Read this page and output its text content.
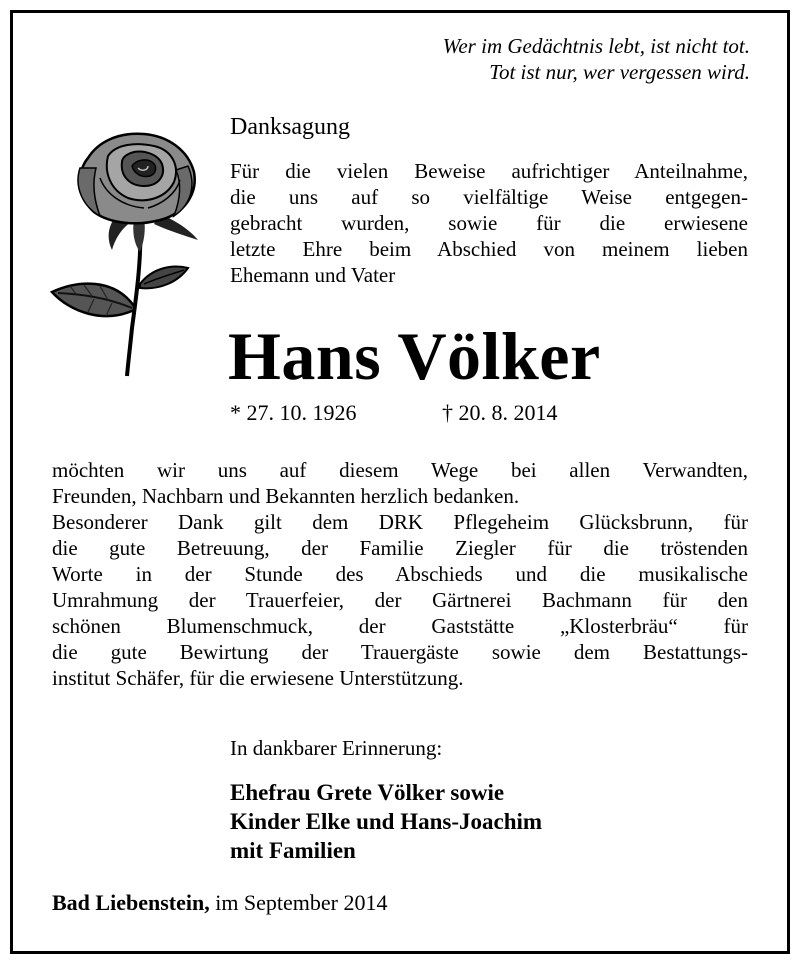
Wer im Gedächtnis lebt, ist nicht tot.
Tot ist nur, wer vergessen wird.
Danksagung
Für die vielen Beweise aufrichtiger Anteilnahme,
die uns auf so vielfältige Weise entgegen-
gebracht wurden, sowie für die erwiesene
letzte Ehre beim Abschied von meinem lieben
Ehemann und Vater
Hans Völker
* 27. 10. 1926	† 20. 8. 2014
möchten wir uns auf diesem Wege bei allen Verwandten,
Freunden, Nachbarn und Bekannten herzlich bedanken.
Besonderer Dank gilt dem DRK Pflegeheim Glücksbrunn, für
die gute Betreuung, der Familie Ziegler für die tröstenden
Worte in der Stunde des Abschieds und die musikalische
Umrahmung der Trauerfeier, der Gärtnerei Bachmann für den
schönen Blumenschmuck, der Gaststätte „Klosterbräu“ für
die gute Bewirtung der Trauergäste sowie dem Bestattungs-
institut Schäfer, für die erwiesene Unterstützung.
In dankbarer Erinnerung:
Ehefrau Grete Völker sowie
Kinder Elke und Hans-Joachim
mit Familien
Bad Liebenstein, im September 2014
